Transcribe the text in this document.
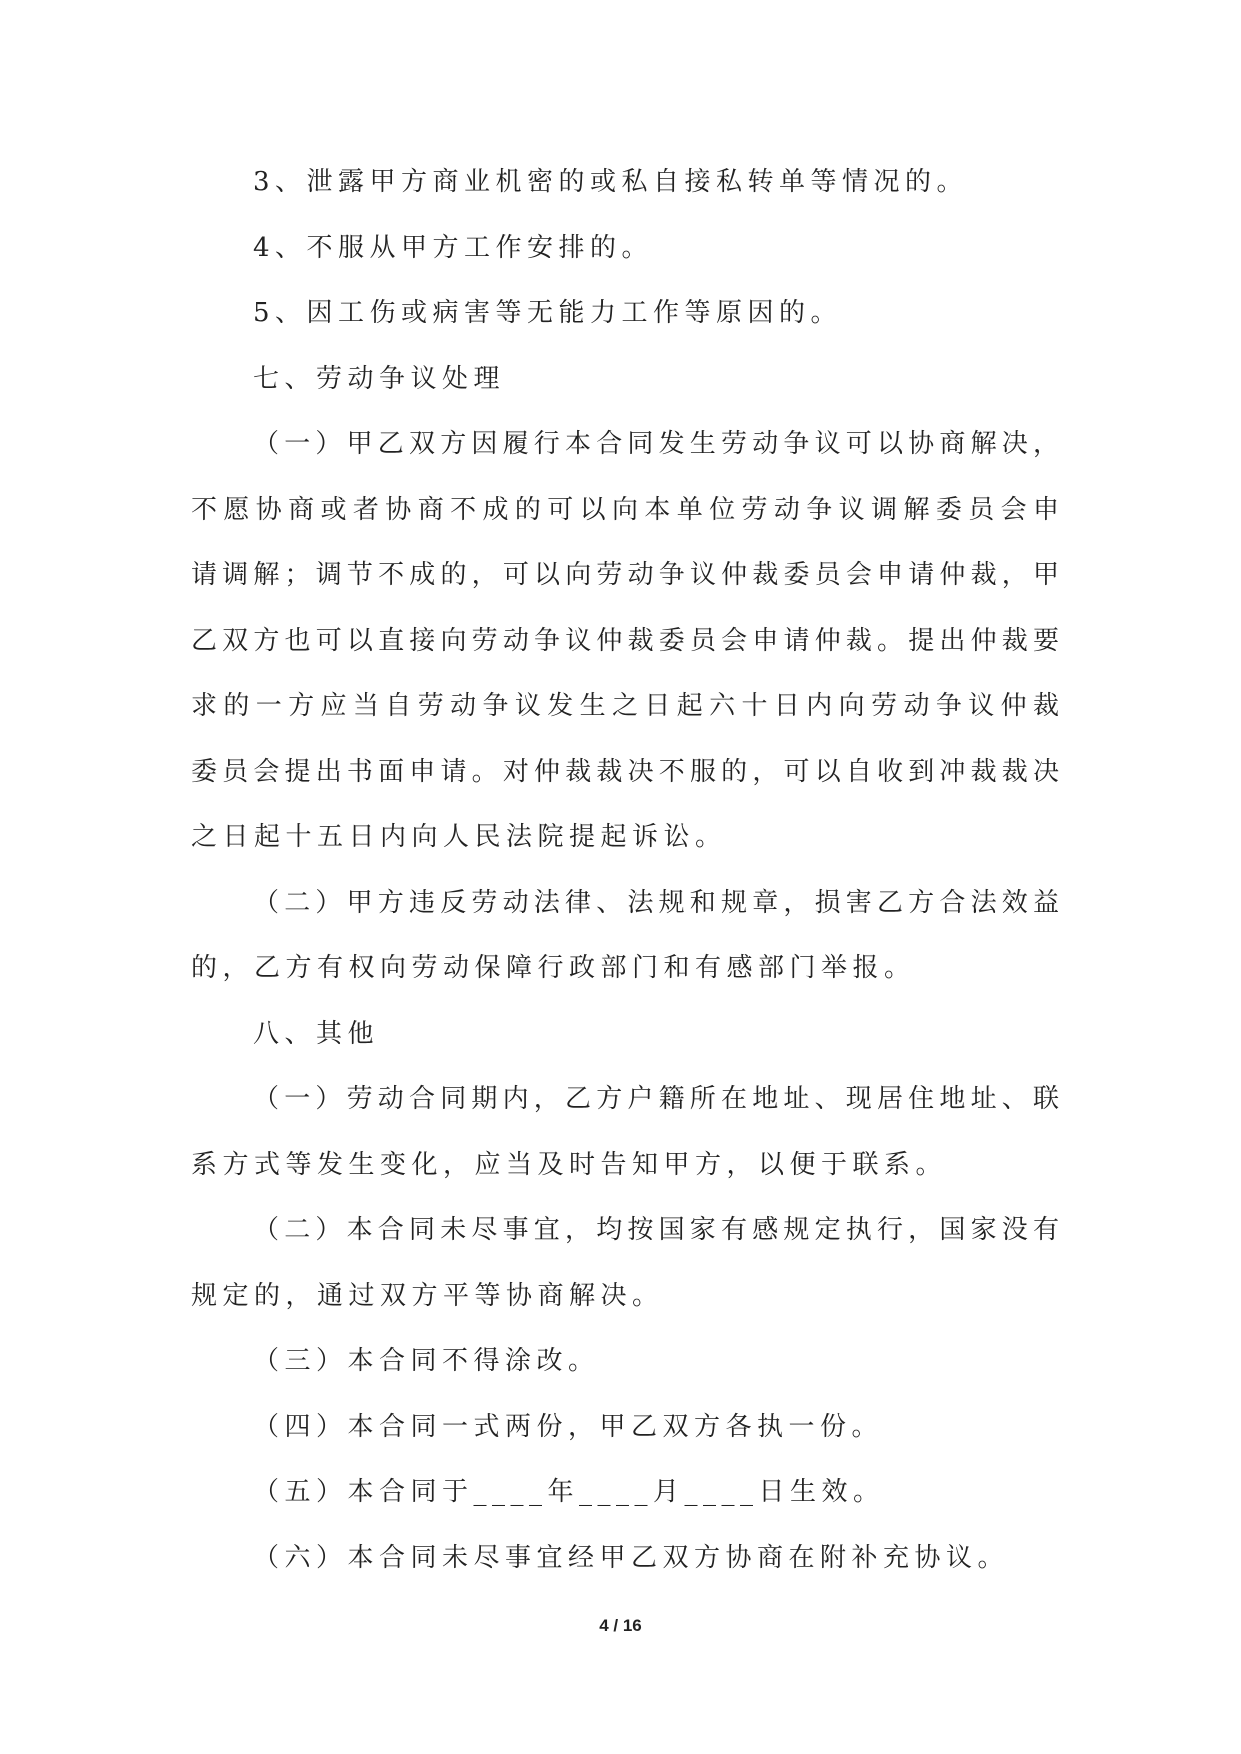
3、泄露甲方商业机密的或私自接私转单等情况的。
4、不服从甲方工作安排的。
5、因工伤或病害等无能力工作等原因的。
七、劳动争议处理
（一）甲乙双方因履行本合同发生劳动争议可以协商解决，
不愿协商或者协商不成的可以向本单位劳动争议调解委员会申
请调解；调节不成的，可以向劳动争议仲裁委员会申请仲裁，甲
乙双方也可以直接向劳动争议仲裁委员会申请仲裁。提出仲裁要
求的一方应当自劳动争议发生之日起六十日内向劳动争议仲裁
委员会提出书面申请。对仲裁裁决不服的，可以自收到冲裁裁决
之日起十五日内向人民法院提起诉讼。
（二）甲方违反劳动法律、法规和规章，损害乙方合法效益
的，乙方有权向劳动保障行政部门和有感部门举报。
八、其他
（一）劳动合同期内，乙方户籍所在地址、现居住地址、联
系方式等发生变化，应当及时告知甲方，以便于联系。
（二）本合同未尽事宜，均按国家有感规定执行，国家没有
规定的，通过双方平等协商解决。
（三）本合同不得涂改。
（四）本合同一式两份，甲乙双方各执一份。
（五）本合同于____年____月____日生效。
（六）本合同未尽事宜经甲乙双方协商在附补充协议。
4 / 16
